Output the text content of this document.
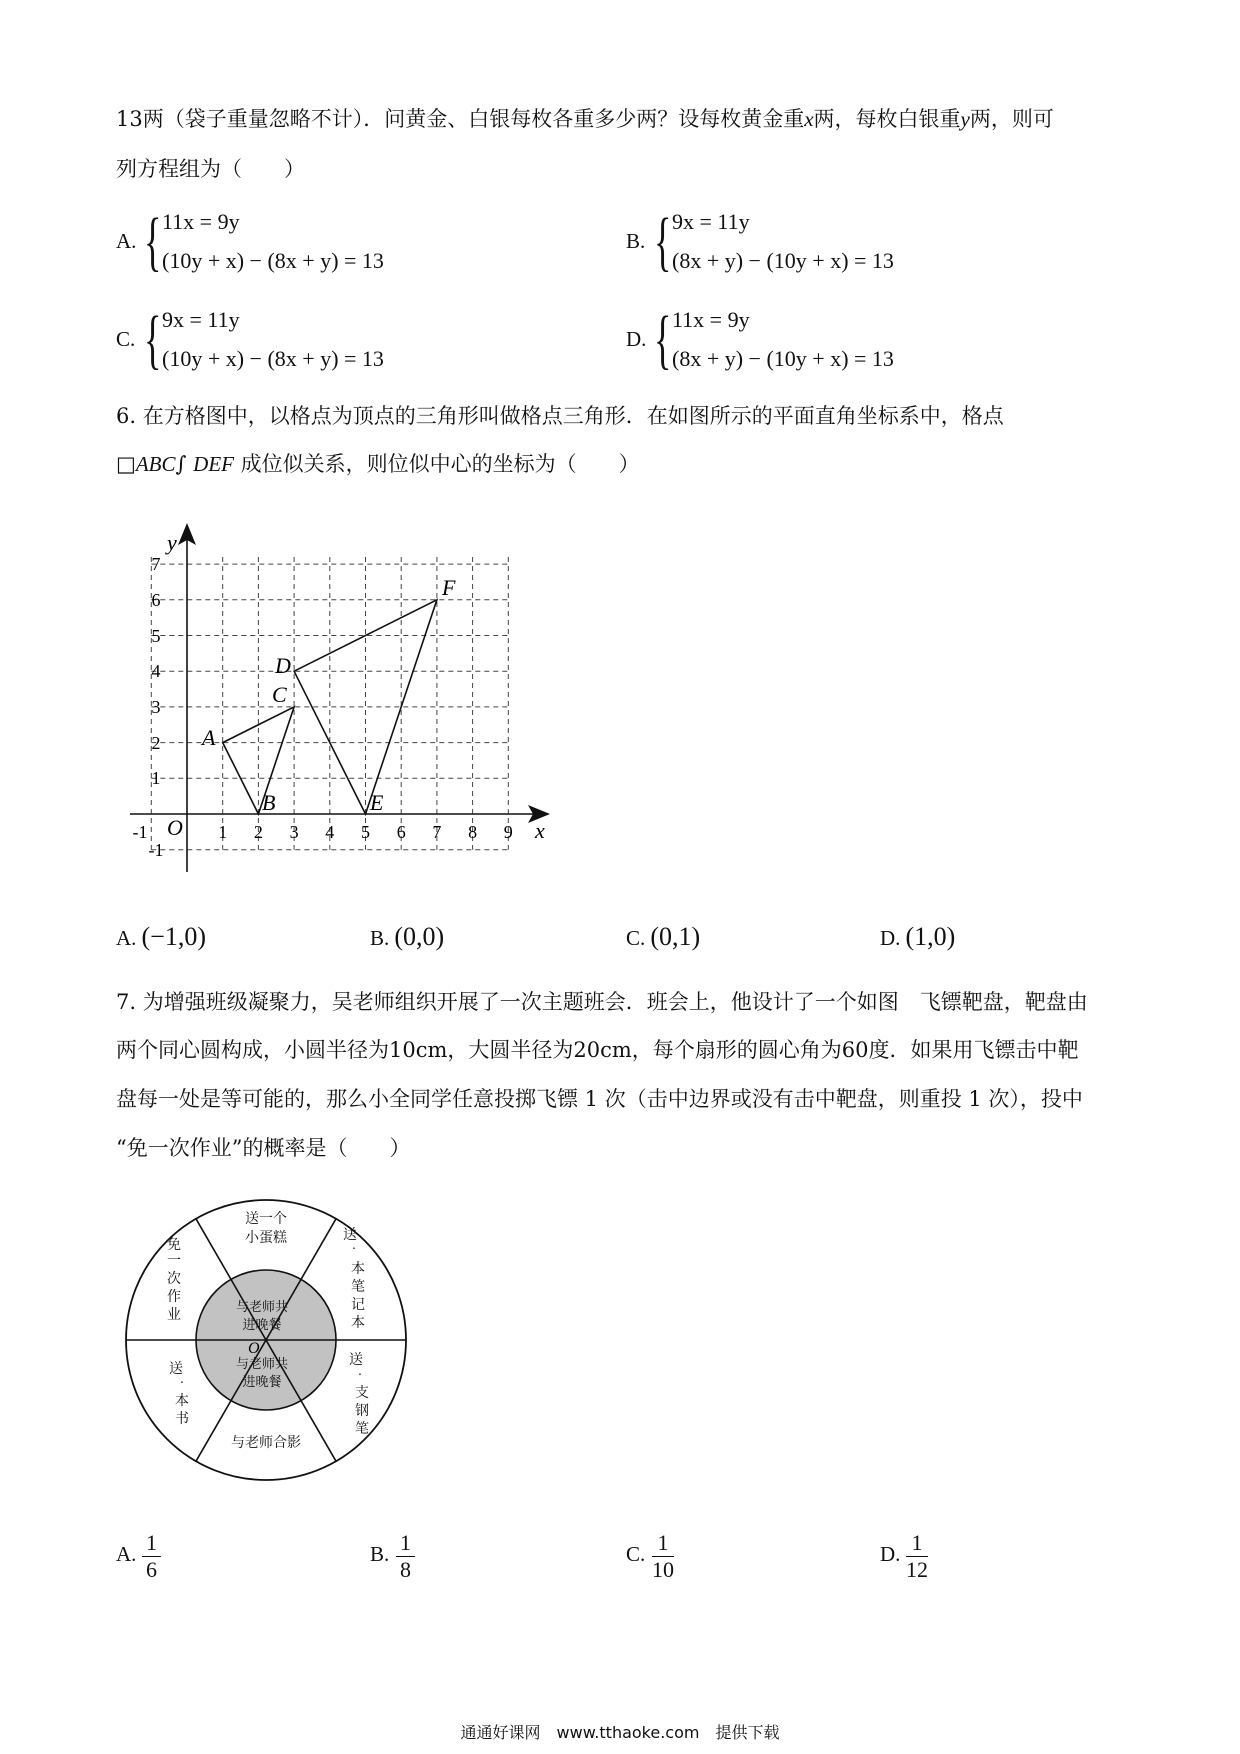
13两（袋子重量忽略不计）．问黄金、白银每枚各重多少两？设每枚黄金重x两，每枚白银重y两，则可
列方程组为（　　）
A. { 11x = 9y
(10y + x) − (8x + y) = 13
B. { 9x = 11y
(8x + y) − (10y + x) = 13
C. { 9x = 11y
(10y + x) − (8x + y) = 13
D. { 11x = 9y
(8x + y) − (10y + x) = 13
6. 在方格图中，以格点为顶点的三角形叫做格点三角形．在如图所示的平面直角坐标系中，格点
□ABC∫ DEF 成位似关系，则位似中心的坐标为（　　）
x
y
O
-1	1 2 3 4 5 6 7 8 9
7
6
5
4
3
2
1
-1
A
B
C
D
E
F
A. (−1,0)	B. (0,0)	C. (0,1)	D. (1,0)
7. 为增强班级凝聚力，吴老师组织开展了一次主题班会．班会上，他设计了一个如图　飞镖靶盘，靶盘由
两个同心圆构成，小圆半径为10cm，大圆半径为20cm，每个扇形的圆心角为60度．如果用飞镖击中靶
盘每一处是等可能的，那么小全同学任意投掷飞镖 1 次（击中边界或没有击中靶盘，则重投 1 次），投中
“免一次作业”的概率是（　　）
送一个
小蛋糕
免
一
次
作
业
送
·
本
笔
记
本
送
·
本
书
送
·
支
钢
笔
与老师合影
与老师共
进晚餐
与老师共
进晚餐
O
A. $\frac{1}{6}$	B. $\frac{1}{8}$	C. $\frac{1}{10}$	D. $\frac{1}{12}$
通通好课网　www.tthaoke.com　提供下载
